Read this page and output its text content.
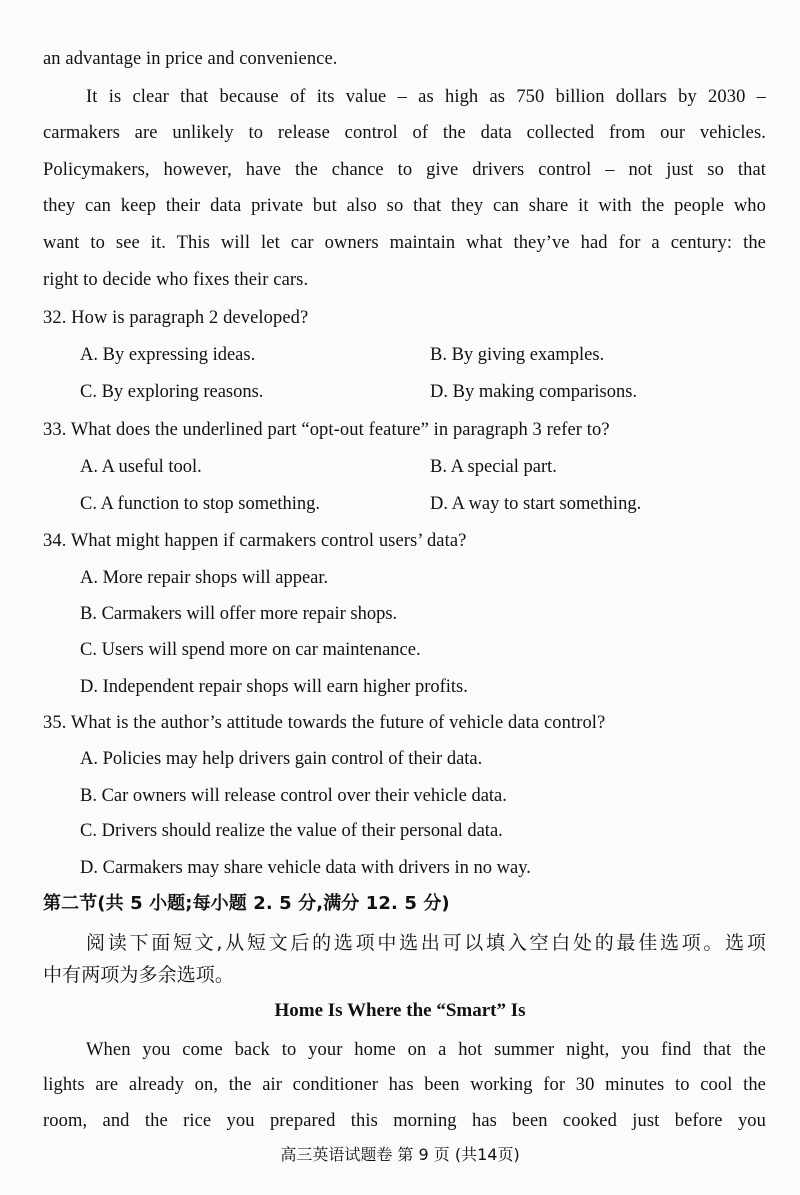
an advantage in price and convenience.
It is clear that because of its value – as high as 750 billion dollars by 2030 –
carmakers are unlikely to release control of the data collected from our vehicles.
Policymakers, however, have the chance to give drivers control – not just so that
they can keep their data private but also so that they can share it with the people who
want to see it. This will let car owners maintain what they’ve had for a century: the
right to decide who fixes their cars.
32. How is paragraph 2 developed?
A. By expressing ideas.	B. By giving examples.
C. By exploring reasons.	D. By making comparisons.
33. What does the underlined part “opt-out feature” in paragraph 3 refer to?
A. A useful tool.	B. A special part.
C. A function to stop something.	D. A way to start something.
34. What might happen if carmakers control users’ data?
A. More repair shops will appear.
B. Carmakers will offer more repair shops.
C. Users will spend more on car maintenance.
D. Independent repair shops will earn higher profits.
35. What is the author’s attitude towards the future of vehicle data control?
A. Policies may help drivers gain control of their data.
B. Car owners will release control over their vehicle data.
C. Drivers should realize the value of their personal data.
D. Carmakers may share vehicle data with drivers in no way.
第二节(共 5 小题;每小题 2. 5 分,满分 12. 5 分)
阅读下面短文,从短文后的选项中选出可以填入空白处的最佳选项。选项
中有两项为多余选项。
Home Is Where the “Smart” Is
When you come back to your home on a hot summer night, you find that the
lights are already on, the air conditioner has been working for 30 minutes to cool the
room, and the rice you prepared this morning has been cooked just before you
高三英语试题卷 第 9 页 (共14页)
